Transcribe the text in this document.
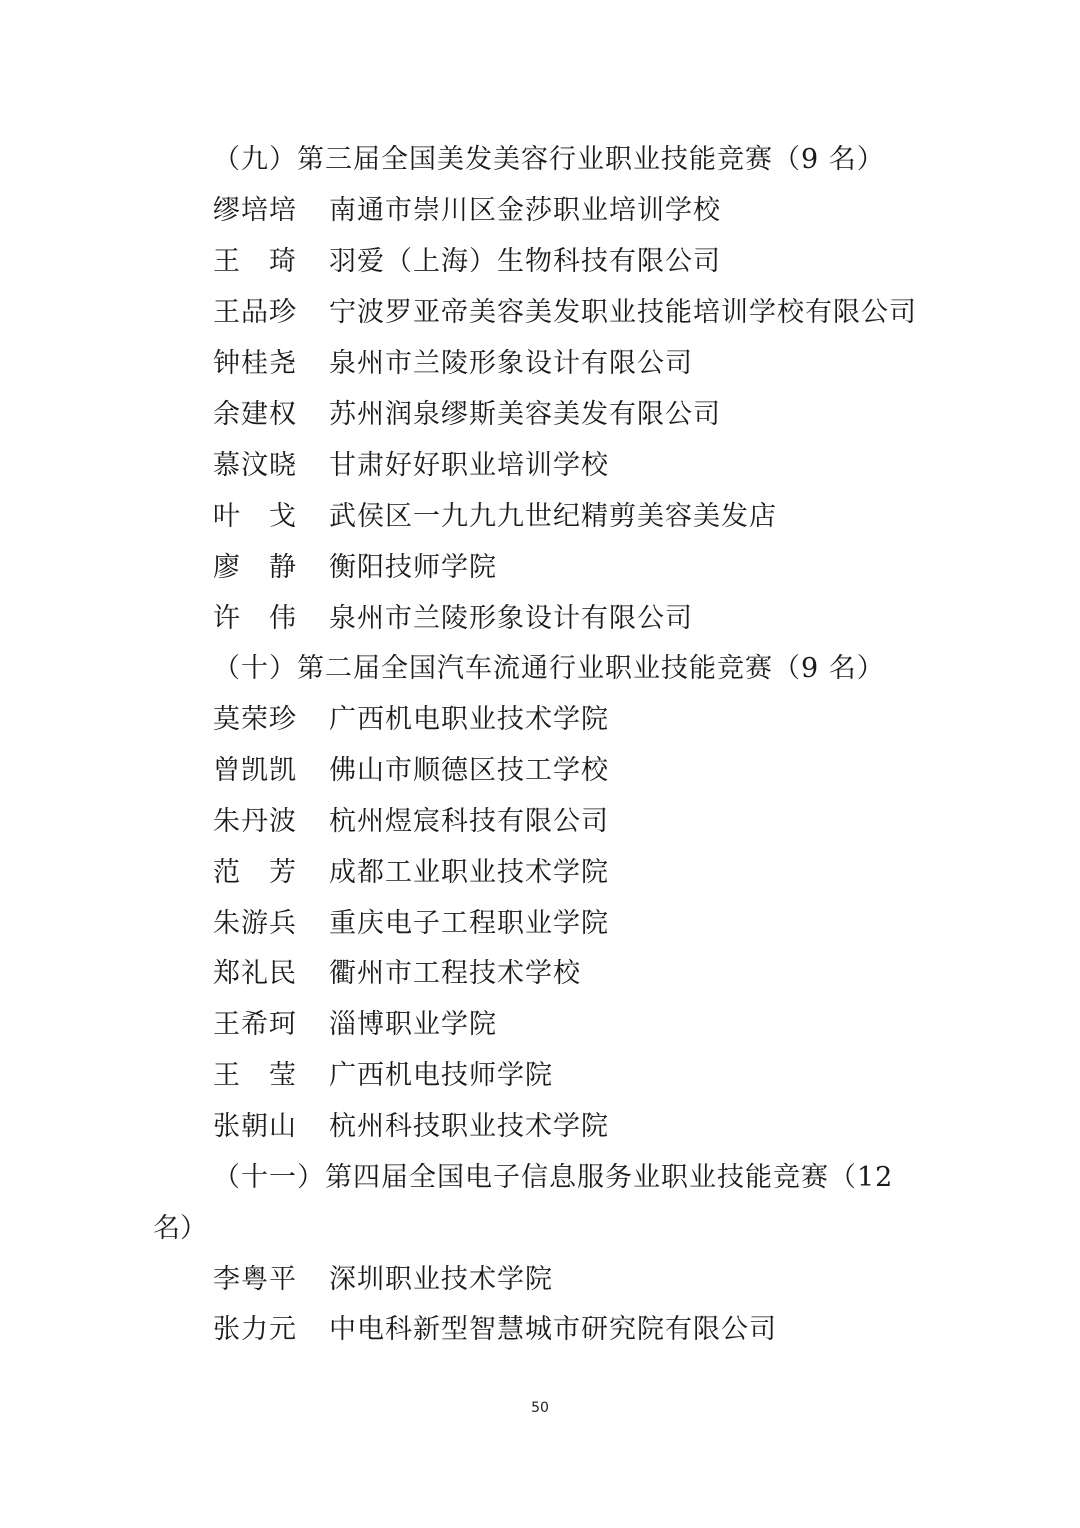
（九）第三届全国美发美容行业职业技能竞赛（9 名）
缪培培	南通市崇川区金莎职业培训学校
王　琦	羽爱（上海）生物科技有限公司
王品珍	宁波罗亚帝美容美发职业技能培训学校有限公司
钟桂尧	泉州市兰陵形象设计有限公司
余建权	苏州润泉缪斯美容美发有限公司
慕汶晓	甘肃好好职业培训学校
叶　戈	武侯区一九九九世纪精剪美容美发店
廖　静	衡阳技师学院
许　伟	泉州市兰陵形象设计有限公司
（十）第二届全国汽车流通行业职业技能竞赛（9 名）
莫荣珍	广西机电职业技术学院
曾凯凯	佛山市顺德区技工学校
朱丹波	杭州煜宸科技有限公司
范　芳	成都工业职业技术学院
朱游兵	重庆电子工程职业学院
郑礼民	衢州市工程技术学校
王希珂	淄博职业学院
王　莹	广西机电技师学院
张朝山	杭州科技职业技术学院
（十一）第四届全国电子信息服务业职业技能竞赛（12
名）
李粤平	深圳职业技术学院
张力元	中电科新型智慧城市研究院有限公司
50
